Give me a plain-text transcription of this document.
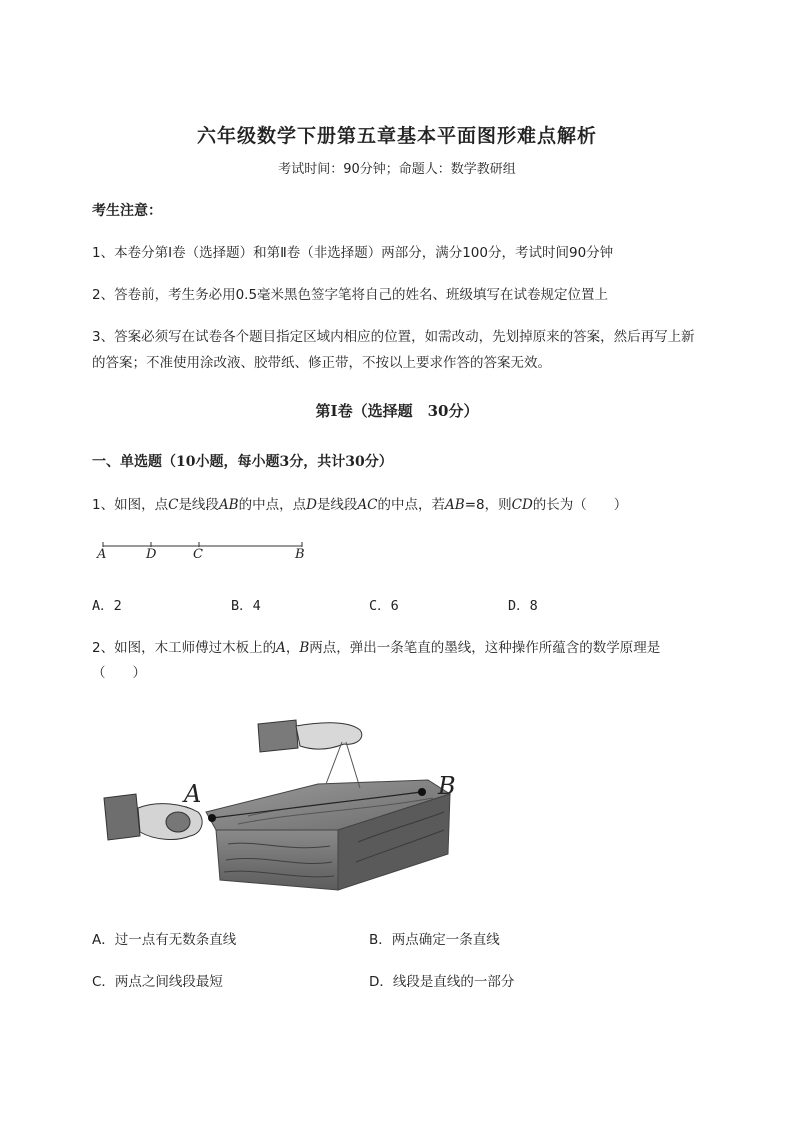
六年级数学下册第五章基本平面图形难点解析
考试时间：90分钟；命题人：数学教研组
考生注意：
1、本卷分第Ⅰ卷（选择题）和第Ⅱ卷（非选择题）两部分，满分100分，考试时间90分钟
2、答卷前，考生务必用0.5毫米黑色签字笔将自己的姓名、班级填写在试卷规定位置上
3、答案必须写在试卷各个题目指定区域内相应的位置，如需改动，先划掉原来的答案，然后再写上新
的答案；不准使用涂改液、胶带纸、修正带，不按以上要求作答的答案无效。
第Ⅰ卷（选择题　30分）
一、单选题（10小题，每小题3分，共计30分）
1、如图，点C是线段AB的中点，点D是线段AC的中点，若AB=8，则CD的长为（　　）
A	D	C	B
A．2	B．4	C．6	D．8
2、如图，木工师傅过木板上的A，B两点，弹出一条笔直的墨线，这种操作所蕴含的数学原理是
（　　）
A	B
A．过一点有无数条直线	B．两点确定一条直线
C．两点之间线段最短	D．线段是直线的一部分
